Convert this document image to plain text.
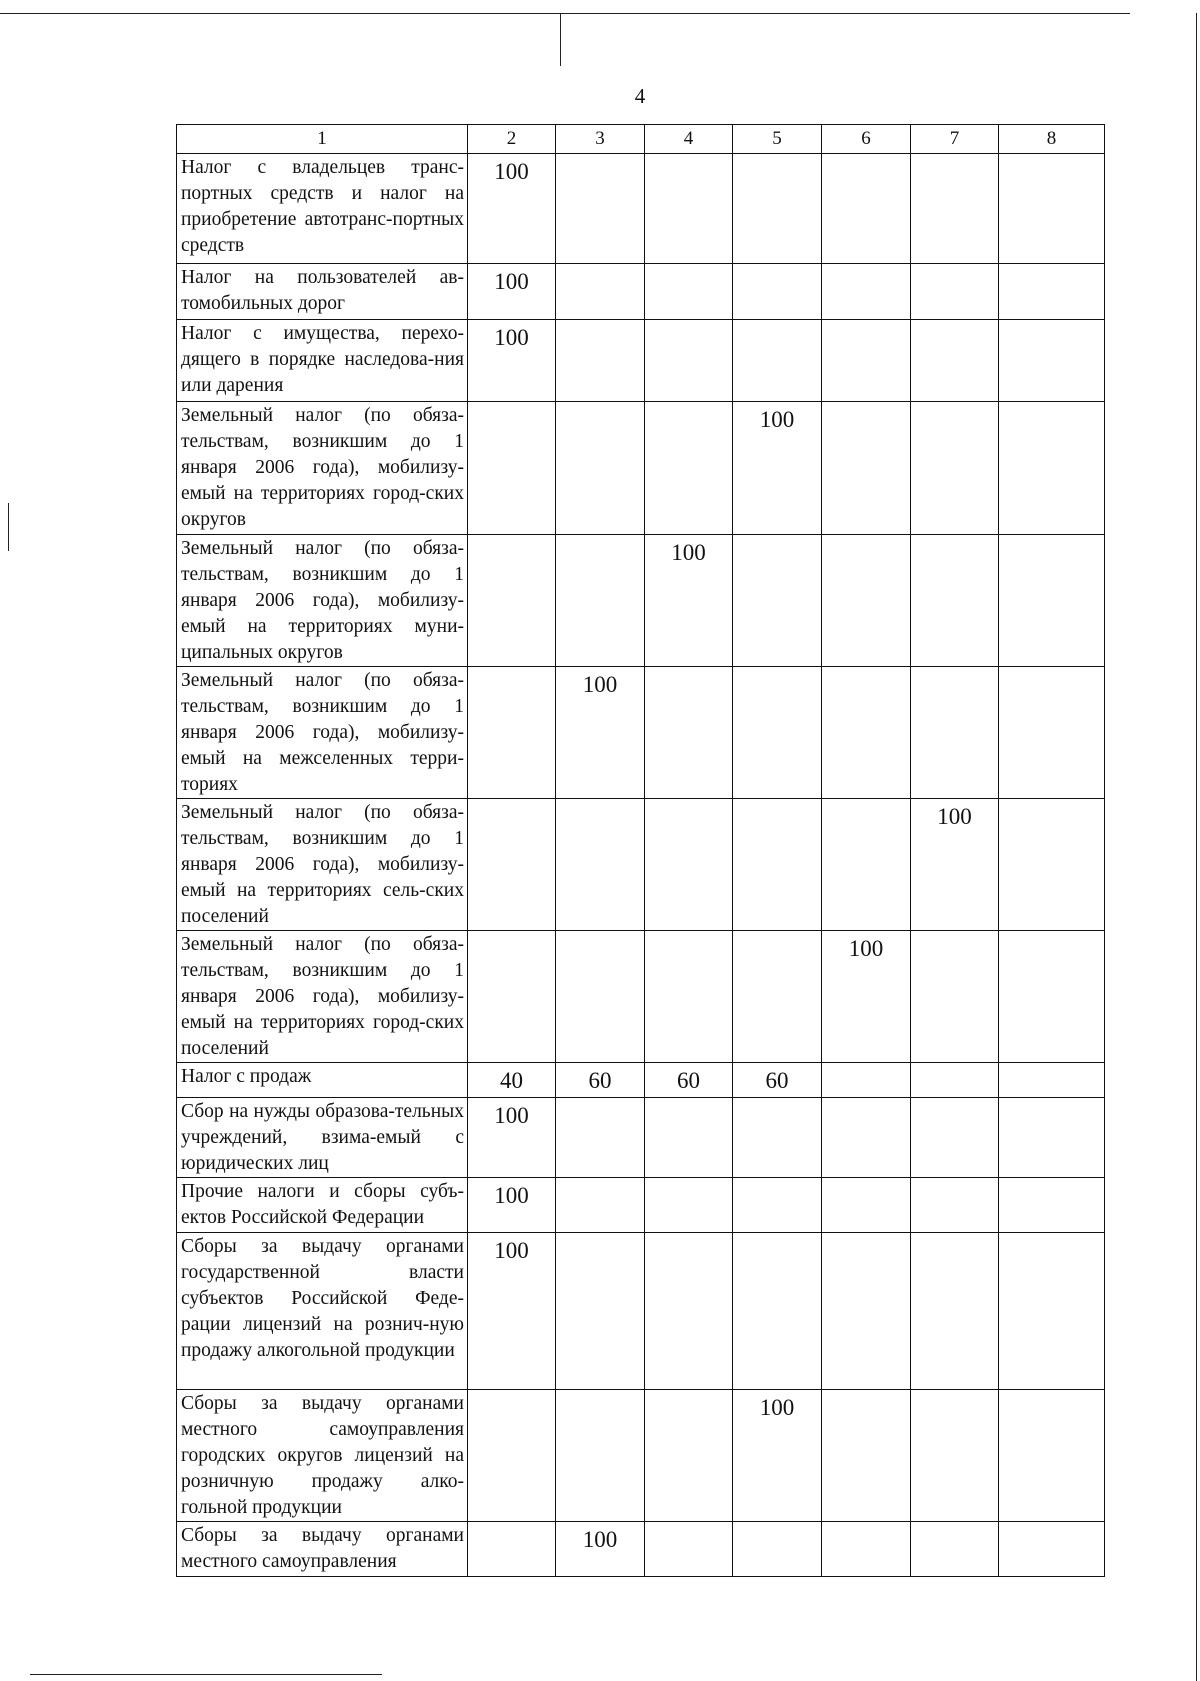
4
1	2	3	4	5	6	7	8
Налог с владельцев транс-портных средств и налог на приобретение автотранс-портных средств	100						
Налог на пользователей ав-томобильных дорог	100						
Налог с имущества, перехо-дящего в порядке наследова-ния или дарения	100						
Земельный налог (по обяза-тельствам, возникшим до 1 января 2006 года), мобилизу-емый на территориях город-ских округов				100			
Земельный налог (по обяза-тельствам, возникшим до 1 января 2006 года), мобилизу-емый на территориях муни-ципальных округов			100				
Земельный налог (по обяза-тельствам, возникшим до 1 января 2006 года), мобилизу-емый на межселенных терри-ториях		100					
Земельный налог (по обяза-тельствам, возникшим до 1 января 2006 года), мобилизу-емый на территориях сель-ских поселений						100	
Земельный налог (по обяза-тельствам, возникшим до 1 января 2006 года), мобилизу-емый на территориях город-ских поселений					100		
Налог с продаж	40	60	60	60			
Сбор на нужды образова-тельных учреждений, взима-емый с юридических лиц	100						
Прочие налоги и сборы субъ-ектов Российской Федерации	100						
Сборы за выдачу органами государственной власти субъектов Российской Феде-рации лицензий на рознич-ную продажу алкогольной продукции	100						
Сборы за выдачу органами местного самоуправления городских округов лицензий на розничную продажу алко-гольной продукции				100			
Сборы за выдачу органами местного самоуправления		100					
